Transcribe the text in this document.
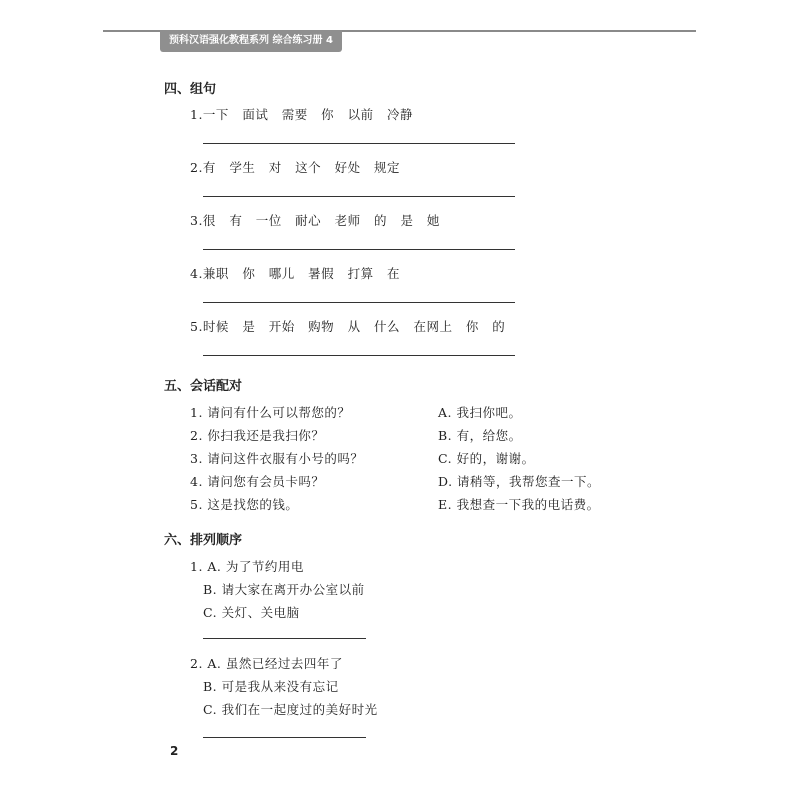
预科汉语强化教程系列 综合练习册 4
四、组句
1.一下   面试   需要   你   以前   冷静
2.有   学生   对   这个   好处   规定
3.很   有   一位   耐心   老师   的   是   她
4.兼职   你   哪儿   暑假   打算   在
5.时候   是   开始   购物   从   什么   在网上   你   的
五、会话配对
1. 请问有什么可以帮您的？
2. 你扫我还是我扫你？
3. 请问这件衣服有小号的吗？
4. 请问您有会员卡吗？
5. 这是找您的钱。
A. 我扫你吧。
B. 有，给您。
C. 好的，谢谢。
D. 请稍等，我帮您查一下。
E. 我想查一下我的电话费。
六、排列顺序
1. A. 为了节约用电
B. 请大家在离开办公室以前
C. 关灯、关电脑
2. A. 虽然已经过去四年了
B. 可是我从来没有忘记
C. 我们在一起度过的美好时光
2
